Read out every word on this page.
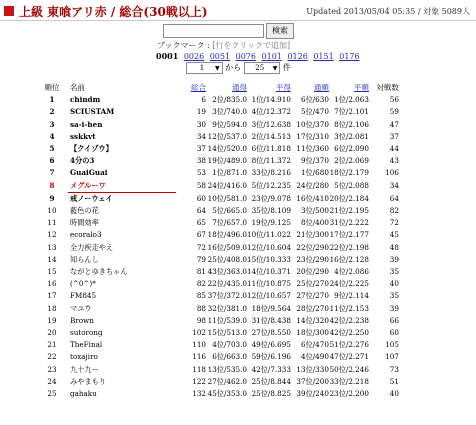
上級 東喰アリ赤 / 総合(30戦以上)	Updated 2013/05/04 05:35 / 対象 5089人
検索
ブックマーク : [行をクリックで追加]
0001 0026 0051 0076 0101 0126 0151 0176
1 ▼ から 25 ▼ 件
順位	名前	総合	通得	平得	通順	平順	対戦数
1	chindm	6	2位/835.0	1位/14.910	6位/630	1位/2.063	56
2	SCIUSTAM	19	3位/740.0	4位/12.372	5位/470	7位/2.101	59
3	sa-i-hen	30	9位/594.0	3位/12.638	10位/370	8位/2.106	47
4	sskkvt	34	12位/537.0	2位/14.513	17位/310	3位/2.081	37
5	【クイゾウ】	37	14位/520.0	6位/11.818	11位/360	6位/2.090	44
6	4分の3	38	19位/489.0	8位/11.372	9位/370	2位/2.069	43
7	GuaiGuai	53	1位/871.0	33位/8.216	1位/680	18位/2.179	106
8	メグルーワ	58	24位/416.0	5位/12.235	24位/280	5位/2.088	34
9	戒ノーウェイ	60	10位/581.0	23位/9.078	16位/410	20位/2.184	64
10	藍色の花	64	5位/665.0	35位/8.109	3位/500	21位/2.195	82
11	時間効率	65	7位/657.0	19位/9.125	8位/400	31位/2.222	72
12	ecoralo3	67	18位/496.0	10位/11.022	21位/300	17位/2.177	45
13	全力疾走やえ	72	16位/509.0	12位/10.604	22位/290	22位/2.198	48
14	知らんし	79	25位/408.0	15位/10.333	23位/290	16位/2.128	39
15	ながとゆきちゃん	81	43位/363.0	14位/10.371	20位/290	4位/2.086	35
16	(^0^)*	82	22位/435.0	11位/10.875	25位/270	24位/2.225	40
17	FM845	85	37位/372.0	12位/10.657	27位/270	9位/2.114	35
18	マユウ	88	32位/381.0	18位/9.564	28位/270	11位/2.153	39
19	Brown	98	11位/539.0	31位/8.438	14位/320	42位/2.238	66
20	sutorong	102	15位/513.0	27位/8.550	18位/300	42位/2.250	60
21	TheFinal	110	4位/703.0	49位/6.695	6位/470	51位/2.276	105
22	toxajiro	116	6位/663.0	59位/6.196	4位/490	47位/2.271	107
23	九十九ー	118	13位/535.0	42位/7.333	13位/330	50位/2.246	73
24	みやまもり	122	27位/462.0	25位/8.844	37位/200	33位/2.218	51
25	gahaku	132	45位/353.0	25位/8.825	39位/240	23位/2.200	40
